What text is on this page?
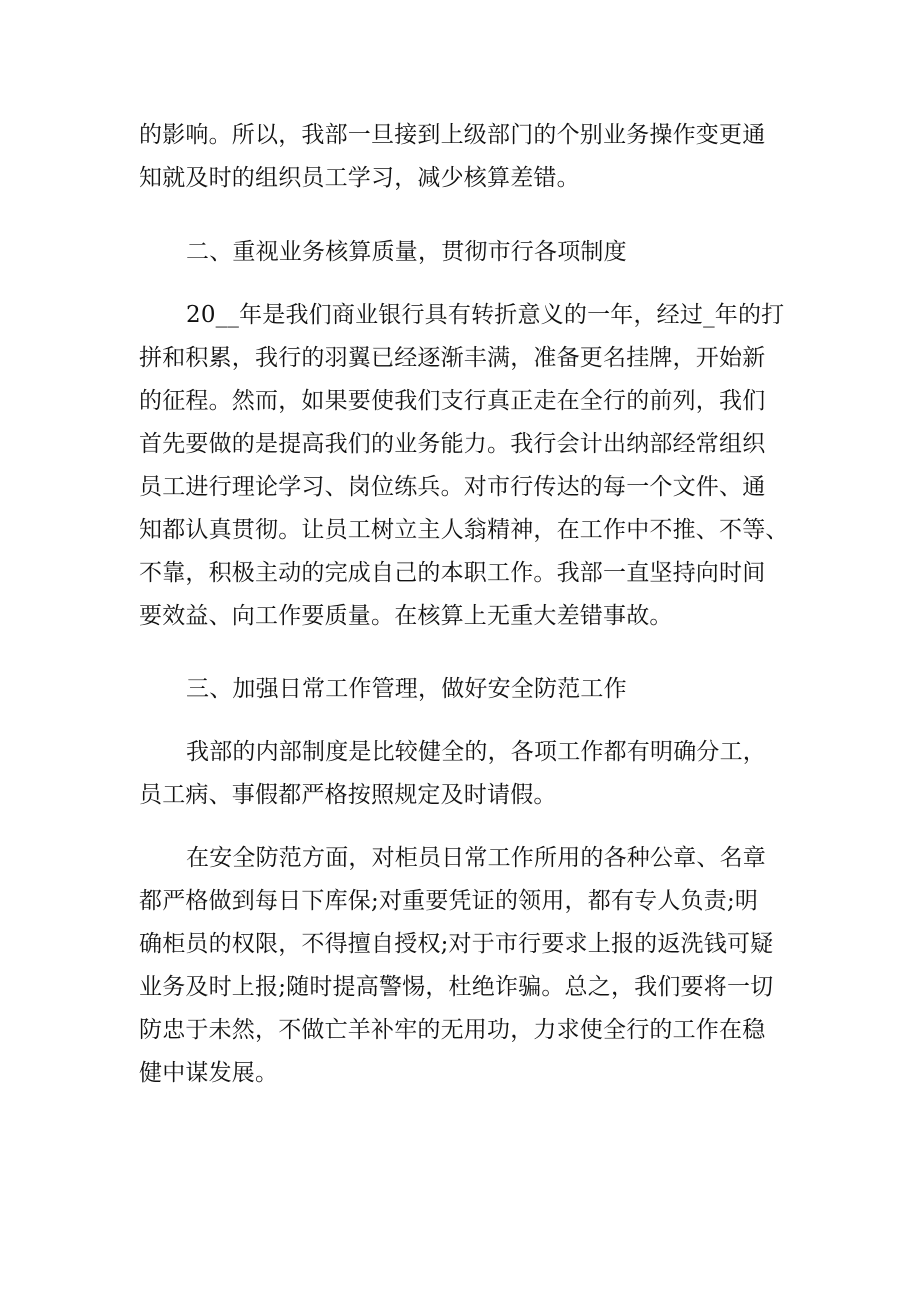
的影响。所以，我部一旦接到上级部门的个别业务操作变更通
知就及时的组织员工学习，减少核算差错。
二、重视业务核算质量，贯彻市行各项制度
20__年是我们商业银行具有转折意义的一年，经过_年的打
拼和积累，我行的羽翼已经逐渐丰满，准备更名挂牌，开始新
的征程。然而，如果要使我们支行真正走在全行的前列，我们
首先要做的是提高我们的业务能力。我行会计出纳部经常组织
员工进行理论学习、岗位练兵。对市行传达的每一个文件、通
知都认真贯彻。让员工树立主人翁精神，在工作中不推、不等、
不靠，积极主动的完成自己的本职工作。我部一直坚持向时间
要效益、向工作要质量。在核算上无重大差错事故。
三、加强日常工作管理，做好安全防范工作
我部的内部制度是比较健全的，各项工作都有明确分工，
员工病、事假都严格按照规定及时请假。
在安全防范方面，对柜员日常工作所用的各种公章、名章
都严格做到每日下库保;对重要凭证的领用，都有专人负责;明
确柜员的权限，不得擅自授权;对于市行要求上报的返洗钱可疑
业务及时上报;随时提高警惕，杜绝诈骗。总之，我们要将一切
防忠于未然，不做亡羊补牢的无用功，力求使全行的工作在稳
健中谋发展。
